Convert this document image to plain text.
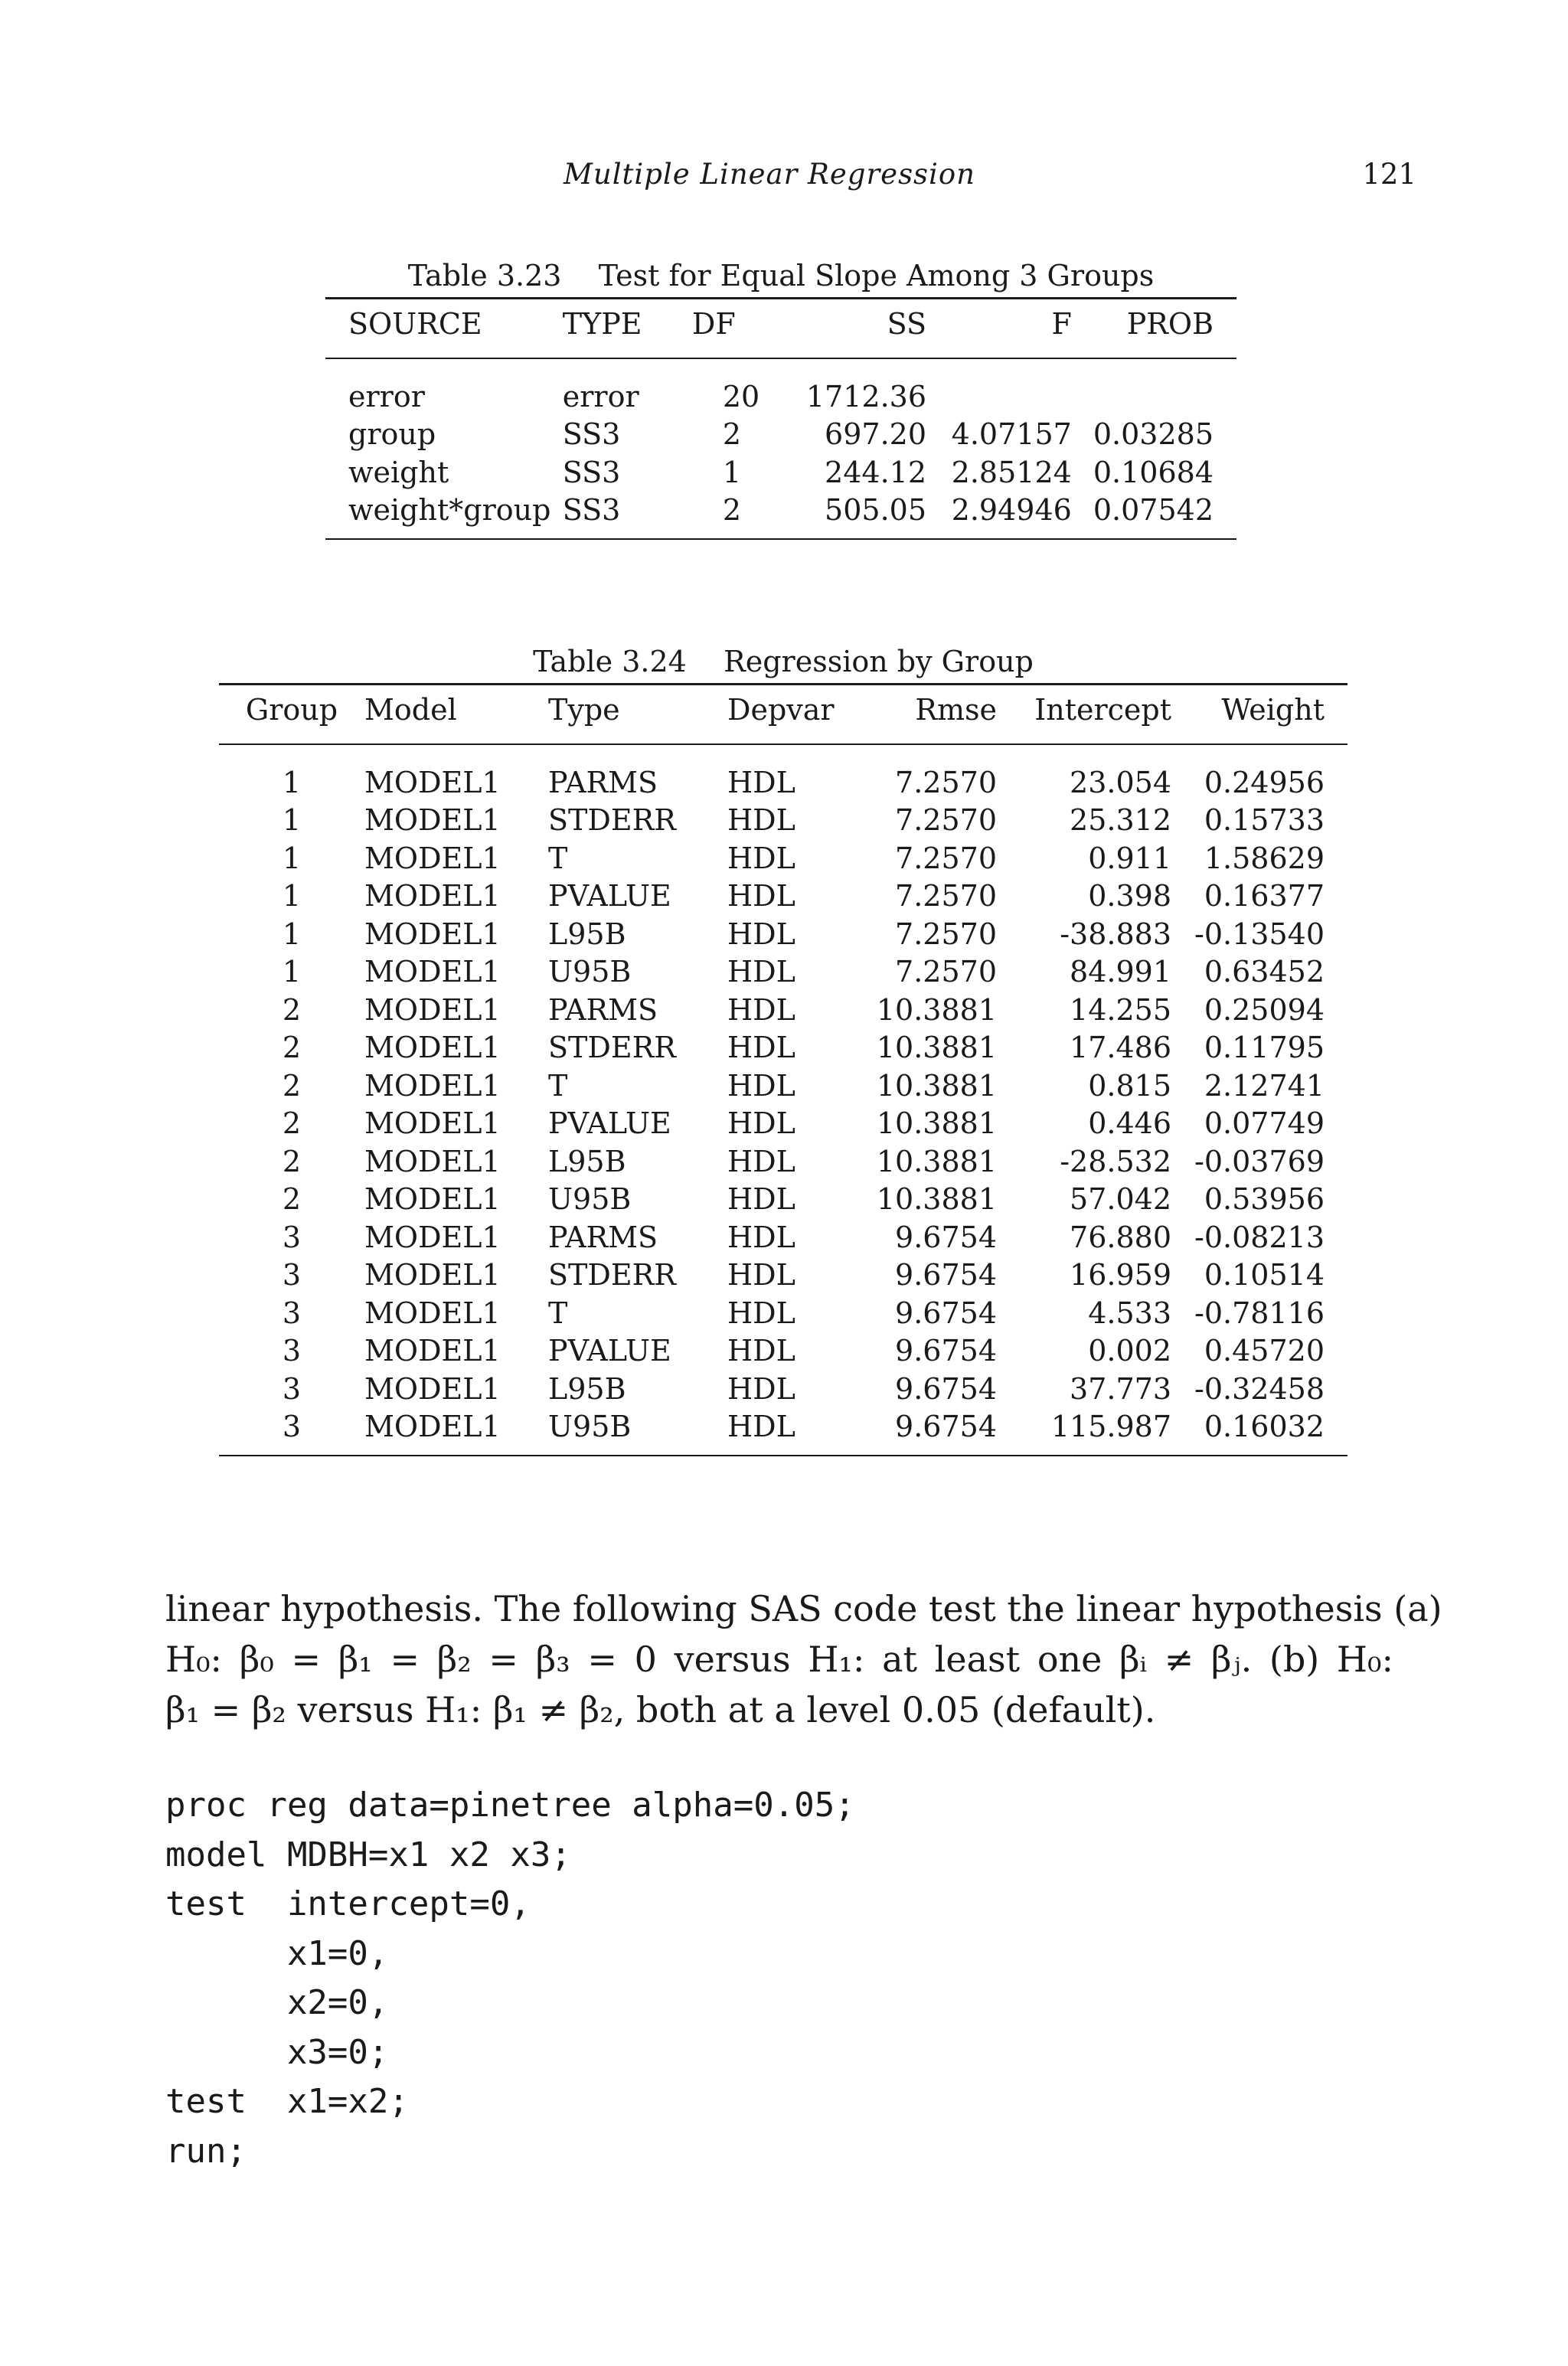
Multiple Linear Regression	121
Table 3.23    Test for Equal Slope Among 3 Groups
SOURCE	TYPE	DF	SS	F	PROB
error	error	20	1712.36		
group	SS3	2	697.20	4.07157	0.03285
weight	SS3	1	244.12	2.85124	0.10684
weight*group	SS3	2	505.05	2.94946	0.07542
Table 3.24    Regression by Group
Group	Model	Type	Depvar	Rmse	Intercept	Weight
1	MODEL1	PARMS	HDL	7.2570	23.054	0.24956
1	MODEL1	STDERR	HDL	7.2570	25.312	0.15733
1	MODEL1	T	HDL	7.2570	0.911	1.58629
1	MODEL1	PVALUE	HDL	7.2570	0.398	0.16377
1	MODEL1	L95B	HDL	7.2570	-38.883	-0.13540
1	MODEL1	U95B	HDL	7.2570	84.991	0.63452
2	MODEL1	PARMS	HDL	10.3881	14.255	0.25094
2	MODEL1	STDERR	HDL	10.3881	17.486	0.11795
2	MODEL1	T	HDL	10.3881	0.815	2.12741
2	MODEL1	PVALUE	HDL	10.3881	0.446	0.07749
2	MODEL1	L95B	HDL	10.3881	-28.532	-0.03769
2	MODEL1	U95B	HDL	10.3881	57.042	0.53956
3	MODEL1	PARMS	HDL	9.6754	76.880	-0.08213
3	MODEL1	STDERR	HDL	9.6754	16.959	0.10514
3	MODEL1	T	HDL	9.6754	4.533	-0.78116
3	MODEL1	PVALUE	HDL	9.6754	0.002	0.45720
3	MODEL1	L95B	HDL	9.6754	37.773	-0.32458
3	MODEL1	U95B	HDL	9.6754	115.987	0.16032
linear hypothesis. The following SAS code test the linear hypothesis (a)
H₀: β₀ = β₁ = β₂ = β₃ = 0 versus H₁: at least one βᵢ ≠ βⱼ. (b) H₀:
β₁ = β₂ versus H₁: β₁ ≠ β₂, both at a level 0.05 (default).
proc reg data=pinetree alpha=0.05;
model MDBH=x1 x2 x3;
test  intercept=0,
x1=0,
x2=0,
x3=0;
test  x1=x2;
run;
